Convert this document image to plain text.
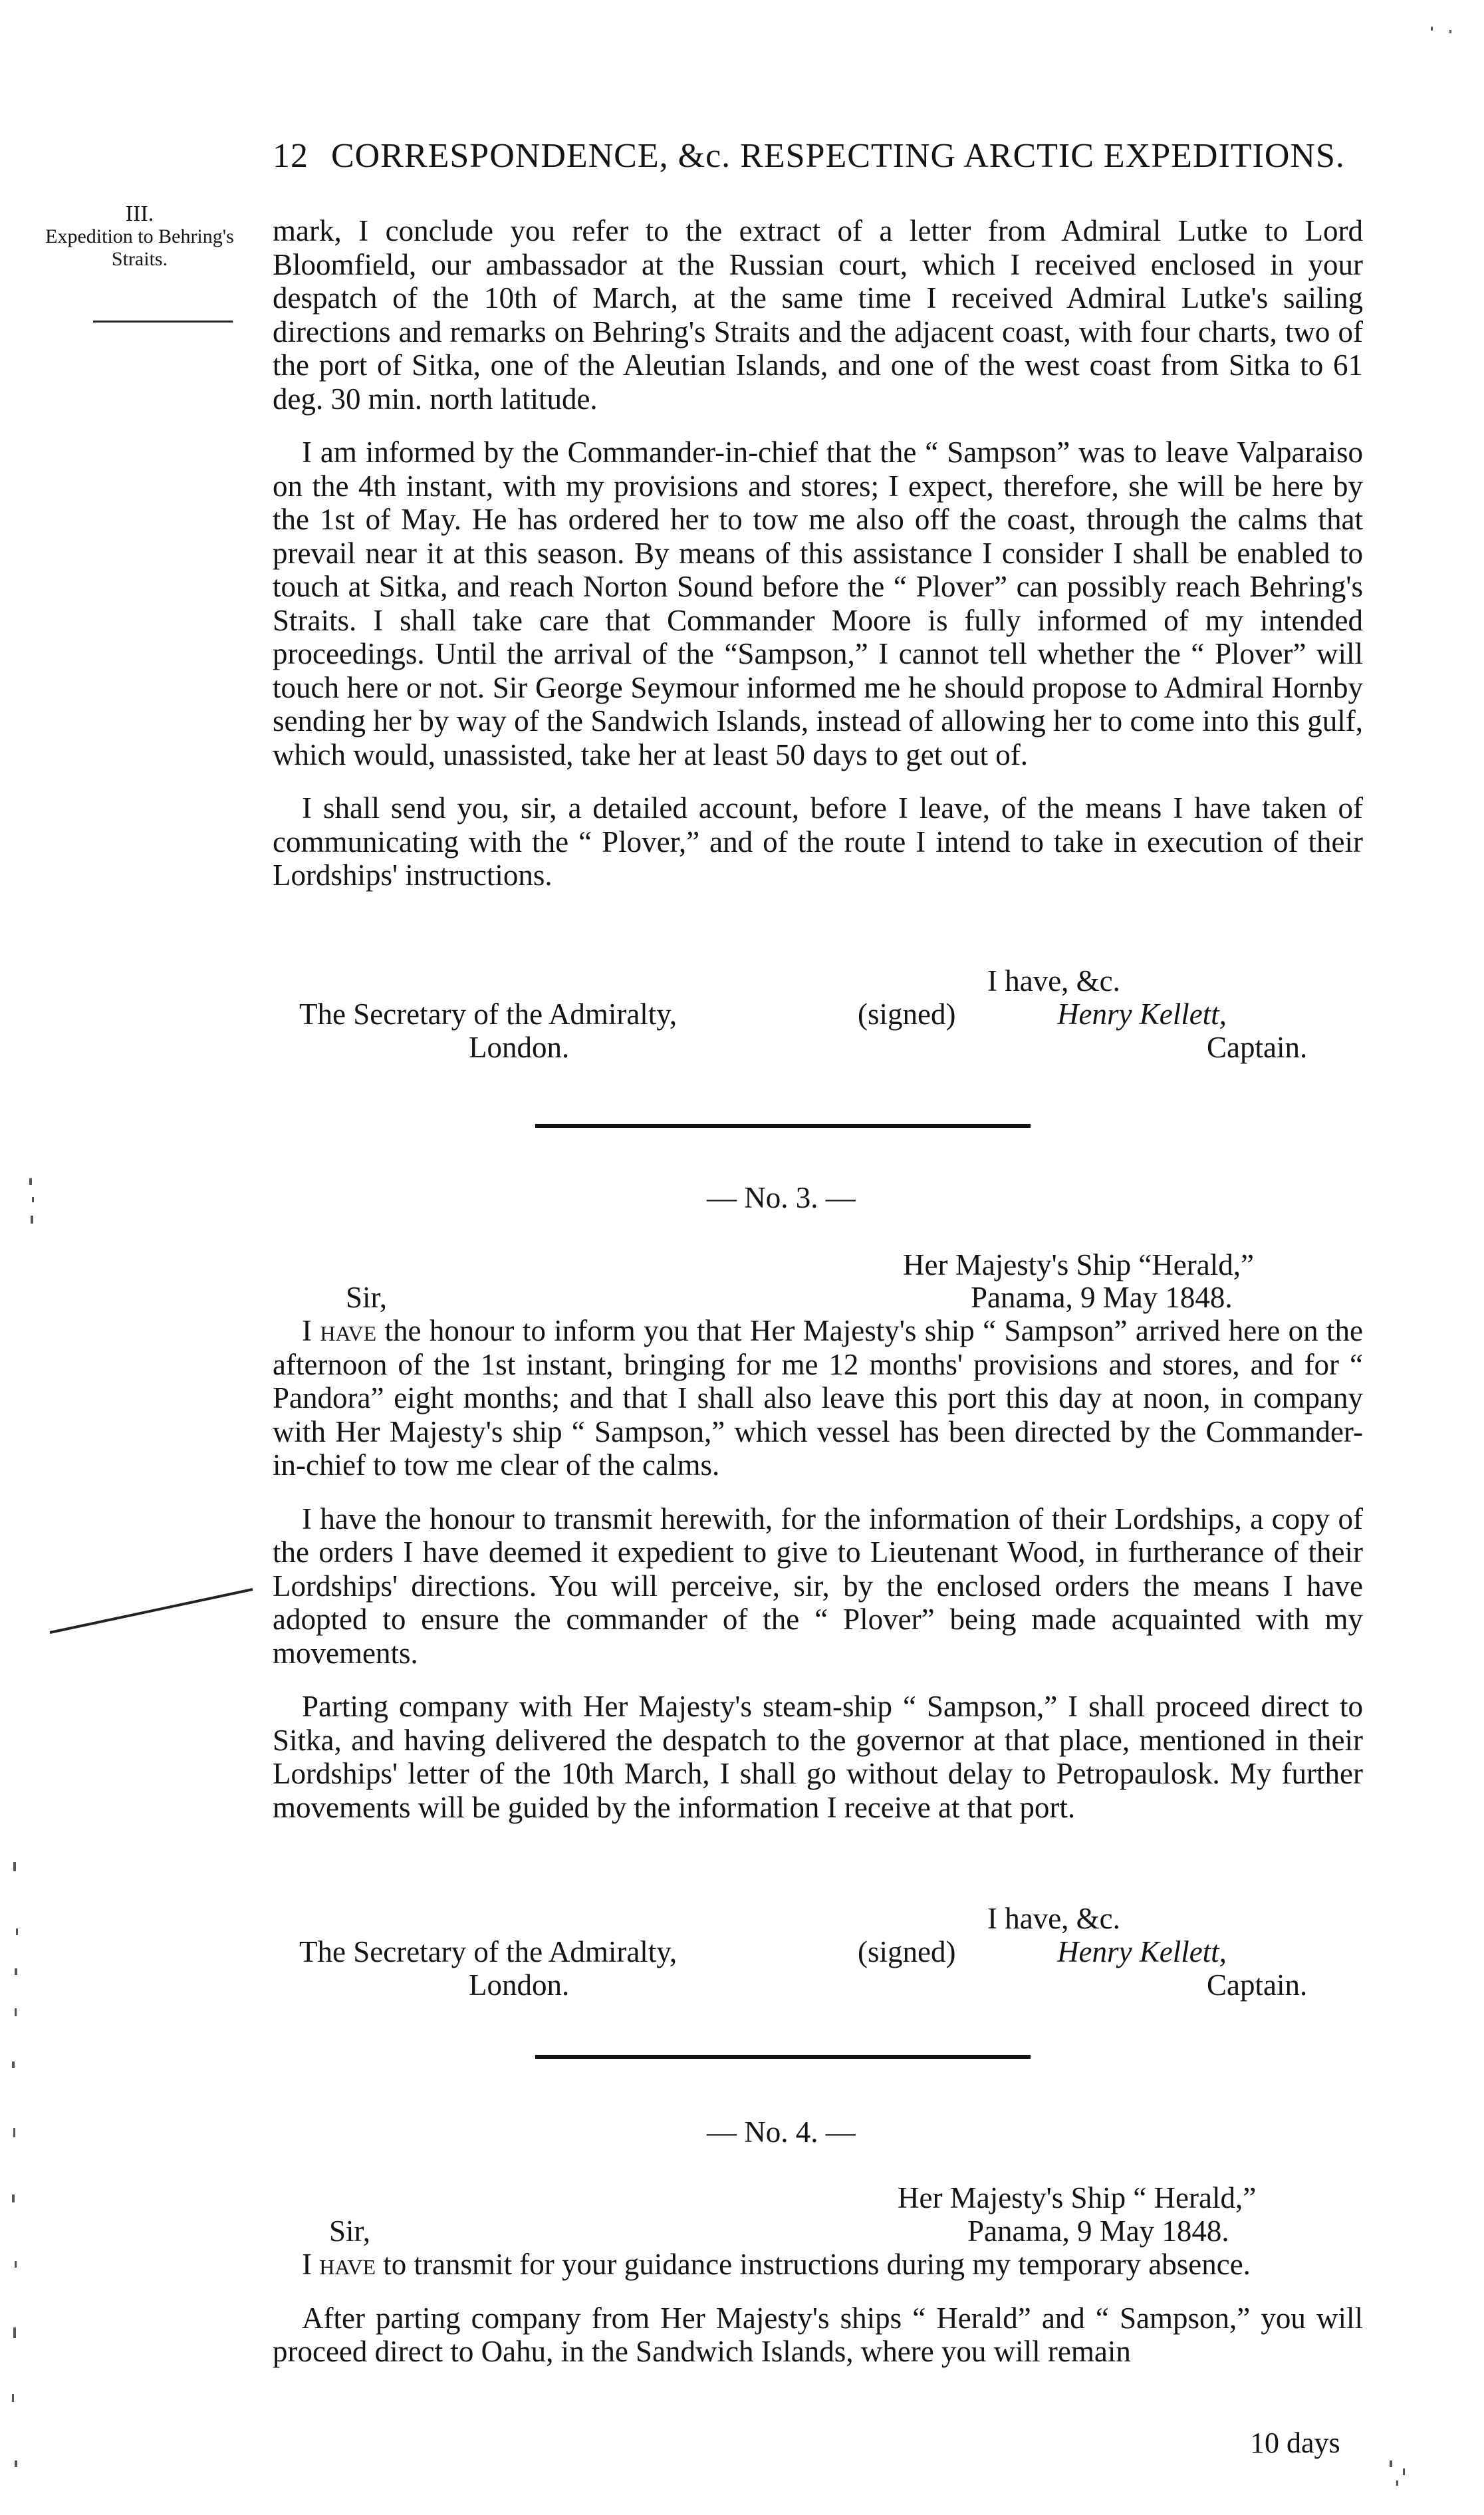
12 CORRESPONDENCE, &c. RESPECTING ARCTIC EXPEDITIONS.
III.
Expedition to Behring's Straits.

mark, I conclude you refer to the extract of a letter from Admiral Lutke to Lord Bloomfield, our ambassador at the Russian court, which I received enclosed in your despatch of the 10th of March, at the same time I received Admiral Lutke's sailing directions and remarks on Behring's Straits and the adjacent coast, with four charts, two of the port of Sitka, one of the Aleutian Islands, and one of the west coast from Sitka to 61 deg. 30 min. north latitude.

I am informed by the Commander-in-chief that the “ Sampson” was to leave Valparaiso on the 4th instant, with my provisions and stores; I expect, therefore, she will be here by the 1st of May. He has ordered her to tow me also off the coast, through the calms that prevail near it at this season. By means of this assistance I consider I shall be enabled to touch at Sitka, and reach Norton Sound before the “ Plover” can possibly reach Behring's Straits. I shall take care that Commander Moore is fully informed of my intended proceedings. Until the arrival of the “Sampson,” I cannot tell whether the “ Plover” will touch here or not. Sir George Seymour informed me he should propose to Admiral Hornby sending her by way of the Sandwich Islands, instead of allowing her to come into this gulf, which would, unassisted, take her at least 50 days to get out of.

I shall send you, sir, a detailed account, before I leave, of the means I have taken of communicating with the “ Plover,” and of the route I intend to take in execution of their Lordships' instructions.

I have, &c.
The Secretary of the Admiralty,	(signed)	Henry Kellett,
London.	Captain.
— No. 3. —
Her Majesty's Ship “Herald,”
Sir,	Panama, 9 May 1848.

I have the honour to inform you that Her Majesty's ship “ Sampson” arrived here on the afternoon of the 1st instant, bringing for me 12 months' provisions and stores, and for “ Pandora” eight months; and that I shall also leave this port this day at noon, in company with Her Majesty's ship “ Sampson,” which vessel has been directed by the Commander-in-chief to tow me clear of the calms.

I have the honour to transmit herewith, for the information of their Lordships, a copy of the orders I have deemed it expedient to give to Lieutenant Wood, in furtherance of their Lordships' directions. You will perceive, sir, by the enclosed orders the means I have adopted to ensure the commander of the “ Plover” being made acquainted with my movements.

Parting company with Her Majesty's steam-ship “ Sampson,” I shall proceed direct to Sitka, and having delivered the despatch to the governor at that place, mentioned in their Lordships' letter of the 10th March, I shall go without delay to Petropaulosk. My further movements will be guided by the information I receive at that port.

I have, &c.
The Secretary of the Admiralty,	(signed)	Henry Kellett,
London.	Captain.
— No. 4. —
Her Majesty's Ship “ Herald,”
Sir,	Panama, 9 May 1848.

I have to transmit for your guidance instructions during my temporary absence.

After parting company from Her Majesty's ships “ Herald” and “ Sampson,” you will proceed direct to Oahu, in the Sandwich Islands, where you will remain

10 days
